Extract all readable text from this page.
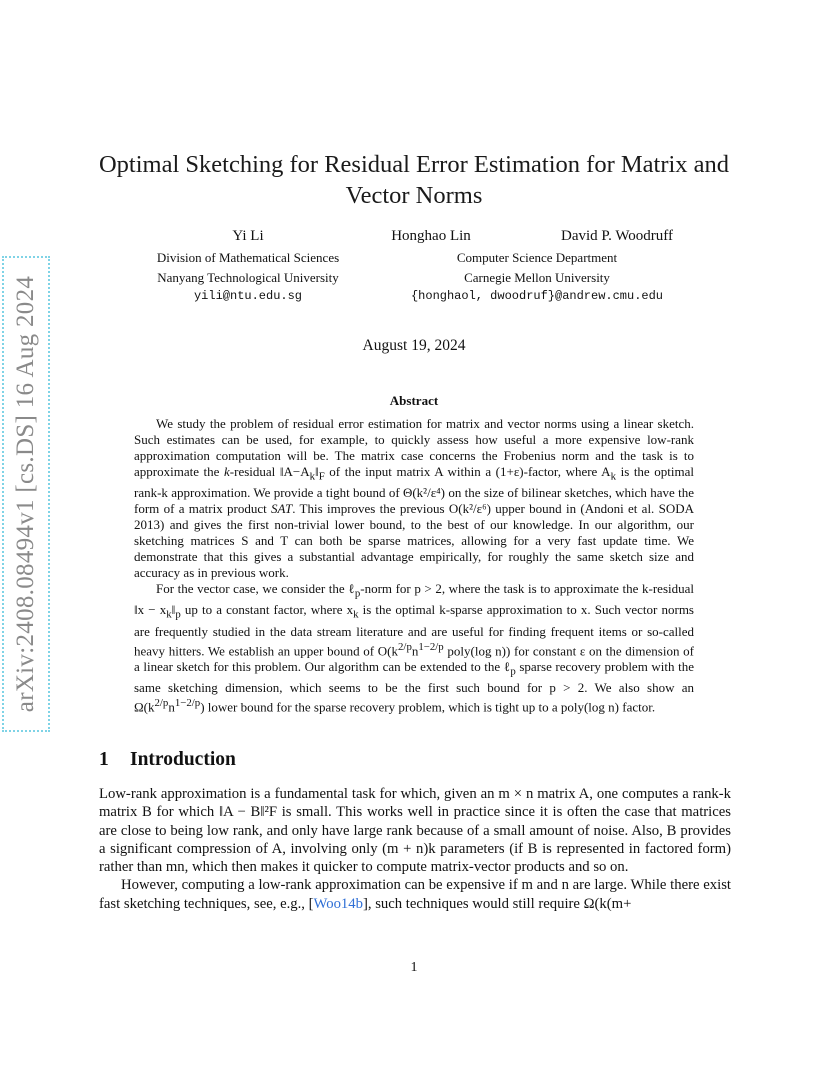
arXiv:2408.08494v1 [cs.DS] 16 Aug 2024
Optimal Sketching for Residual Error Estimation for Matrix and Vector Norms
Yi Li
Division of Mathematical Sciences
Nanyang Technological University
yili@ntu.edu.sg
Honghao Lin	David P. Woodruff
Computer Science Department
Carnegie Mellon University
{honghaol, dwoodruf}@andrew.cmu.edu
August 19, 2024
Abstract

We study the problem of residual error estimation for matrix and vector norms using a linear sketch. Such estimates can be used, for example, to quickly assess how useful a more expensive low-rank approximation computation will be. The matrix case concerns the Frobenius norm and the task is to approximate the k-residual $‖A-A_k‖_F$ of the input matrix A within a (1+ε)-factor, where $A_k$ is the optimal rank-k approximation. We provide a tight bound of Θ(k²/ε⁴) on the size of bilinear sketches, which have the form of a matrix product SAT. This improves the previous O(k²/ε⁶) upper bound in (Andoni et al. SODA 2013) and gives the first non-trivial lower bound, to the best of our knowledge. In our algorithm, our sketching matrices S and T can both be sparse matrices, allowing for a very fast update time. We demonstrate that this gives a substantial advantage empirically, for roughly the same sketch size and accuracy as in previous work.

For the vector case, we consider the ℓ$_p$-norm for p > 2, where the task is to approximate the k-residual ‖x − $x_k‖_p$ up to a constant factor, where $x_k$ is the optimal k-sparse approximation to x. Such vector norms are frequently studied in the data stream literature and are useful for finding frequent items or so-called heavy hitters. We establish an upper bound of $O(k^{2/p}n^{1-2/p}$ poly(log n)) for constant ε on the dimension of a linear sketch for this problem. Our algorithm can be extended to the ℓ$_p$ sparse recovery problem with the same sketching dimension, which seems to be the first such bound for p > 2. We also show an $\Omega(k^{2/p}n^{1-2/p})$ lower bound for the sparse recovery problem, which is tight up to a poly(log n) factor.

1 Introduction

Low-rank approximation is a fundamental task for which, given an m × n matrix A, one computes a rank-k matrix B for which ‖A − B‖²F is small. This works well in practice since it is often the case that matrices are close to being low rank, and only have large rank because of a small amount of noise. Also, B provides a significant compression of A, involving only (m + n)k parameters (if B is represented in factored form) rather than mn, which then makes it quicker to compute matrix-vector products and so on.

However, computing a low-rank approximation can be expensive if m and n are large. While there exist fast sketching techniques, see, e.g., [Woo14b], such techniques would still require Ω(k(m+

1
